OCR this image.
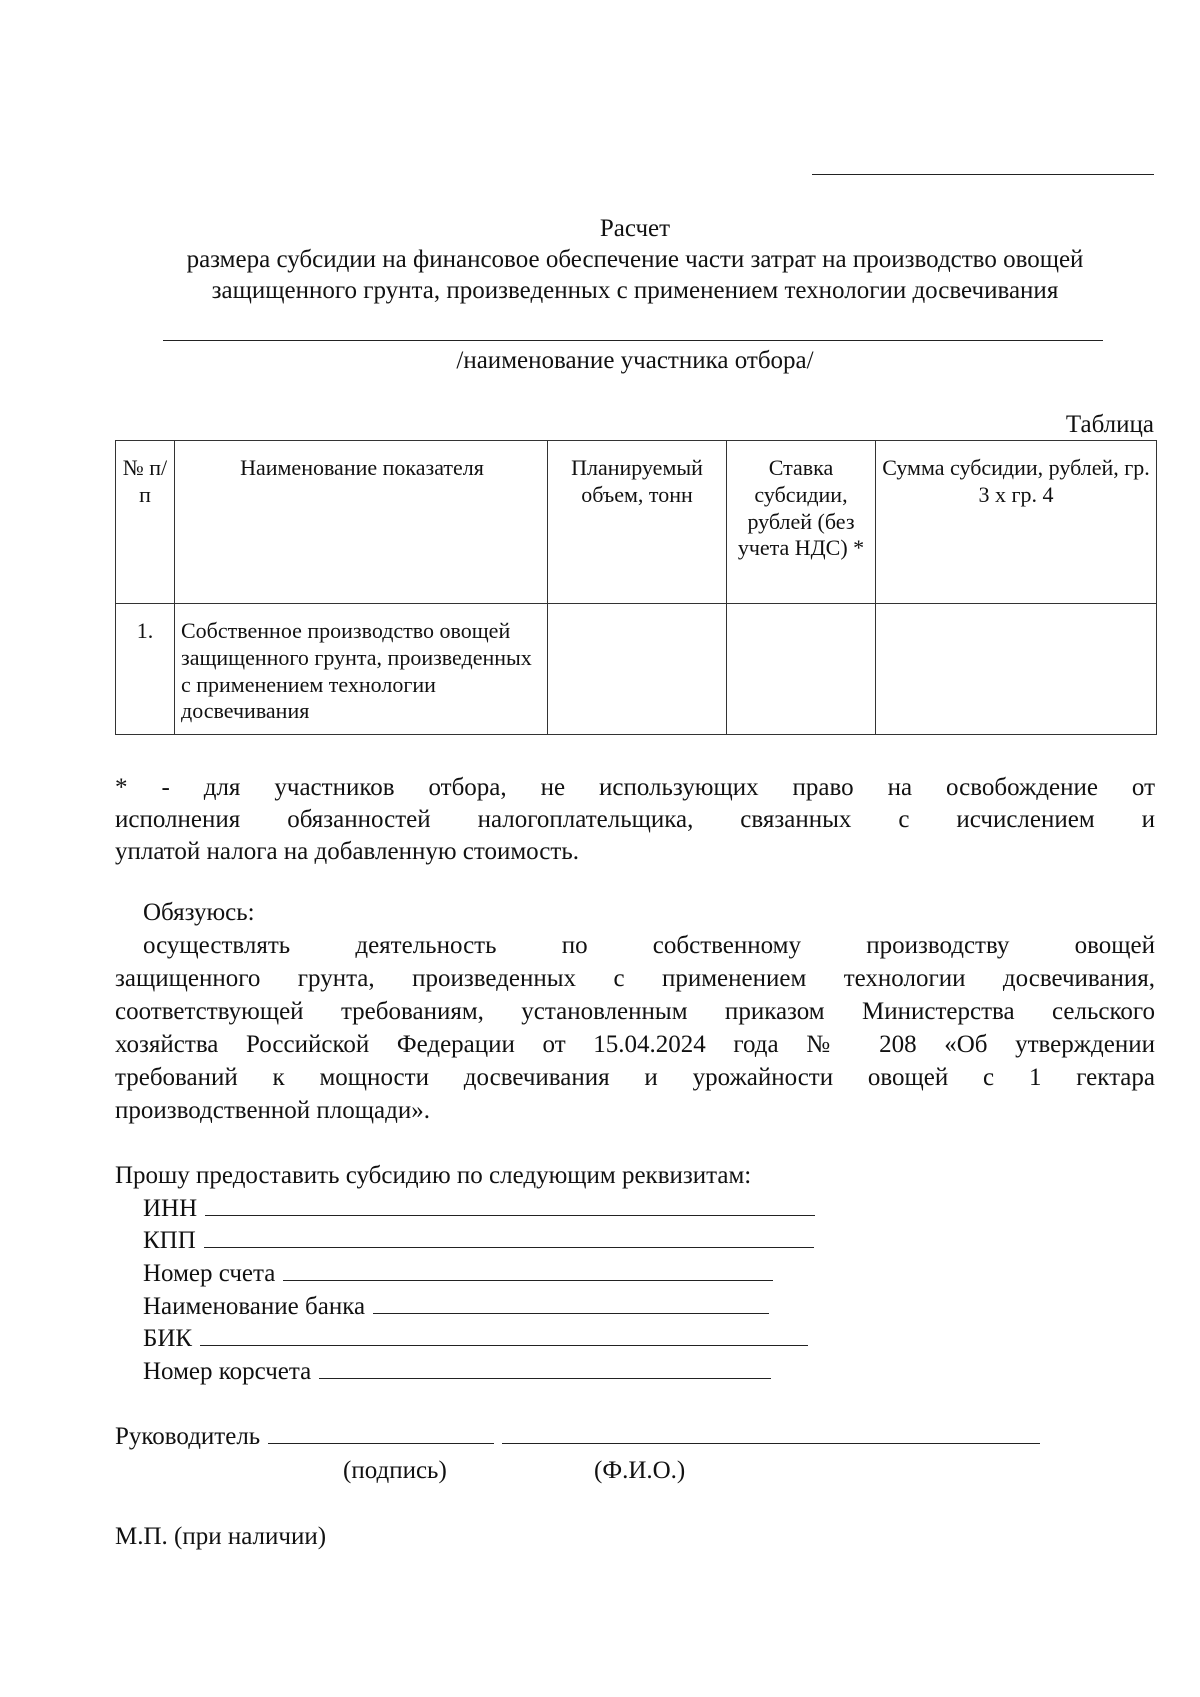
Расчет
размера субсидии на финансовое обеспечение части затрат на производство овощей
защищенного грунта, произведенных с применением технологии досвечивания
/наименование участника отбора/
Таблица
№ п/п	Наименование показателя	Планируемый объем, тонн	Ставка субсидии, рублей (без учета НДС) *	Сумма субсидии, рублей, гр. 3 х гр. 4
1.	Собственное производство овощей защищенного грунта, произведенных с применением технологии досвечивания			
* - для участников отбора, не использующих право на освобождение от
исполнения обязанностей налогоплательщика, связанных с исчислением и
уплатой налога на добавленную стоимость.
Обязуюсь:
осуществлять деятельность по собственному производству овощей
защищенного грунта, произведенных с применением технологии досвечивания,
соответствующей требованиям, установленным приказом Министерства сельского
хозяйства Российской Федерации от 15.04.2024 года № 208 «Об утверждении
требований к мощности досвечивания и урожайности овощей с 1 гектара
производственной площади».
Прошу предоставить субсидию по следующим реквизитам:
ИНН
КПП
Номер счета
Наименование банка
БИК
Номер корсчета
Руководитель
(подпись)	(Ф.И.О.)
М.П. (при наличии)
